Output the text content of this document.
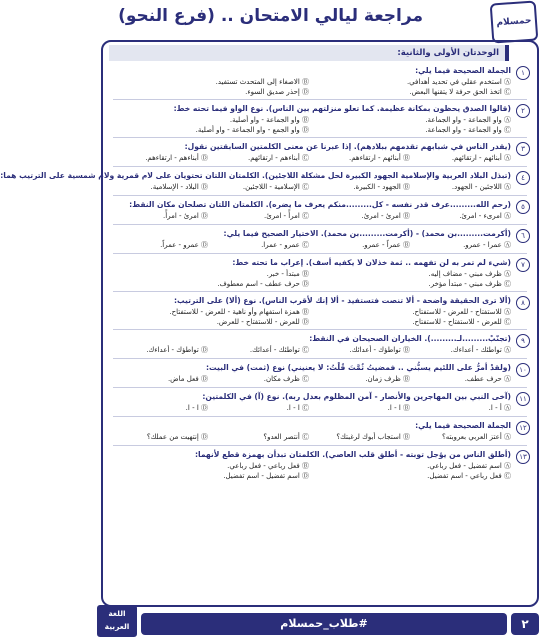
حمسلام
مراجعة ليالي الامتحان .. (فرع النحو)
الوحدتان الأولى والثانية:
١
الجملة الصحيحة فيما يلي:
Ⓐ استخدم عقلي في تحديد أهدافي.
Ⓑ الاصغاء إلى المتحدث تستفيد.
Ⓒ اتخذ الحق حرفة لا يتقنها البعض.
Ⓓ إحذر صديق السوء.
٢
(قالوا الصدق يحظون بمكانة عظيمة. كما تعلو منزلتهم بين الناس). نوع الواو فيما تحته خط:
Ⓐ واو الجماعة - واو الجماعة.
Ⓑ واو الجماعة - واو أصلية.
Ⓒ واو الجماعة - واو الجماعة.
Ⓓ واو الجمع - واو الجماعة - واو أصلية.
٣
(يقدر الناس في شبابهم تقدمهم ببلادهم). إذا عبرنا عن معنى الكلمتين السابقتين نقول:
Ⓐ أبنائهم - ارتقائهم.
Ⓑ أبنائهم - ارتقاءهم.
Ⓒ أبناءهم - ارتقائهم.
Ⓓ أبناءهم - ارتقاءهم.
٤
(تبذل البلاد العربية والإسلامية الجهود الكبيرة لحل مشكلة اللاجئين). الكلمتان اللتان تحتويان على لام قمرية ولام شمسية على الترتيب هما:
Ⓐ اللاجئين - الجهود.
Ⓑ الجهود - الكبيرة.
Ⓒ الإسلامية - اللاجئين.
Ⓓ البلاد - الإسلامية.
٥
(رحم الله.........عرف قدر نفسه - كل.........منكم يعرف ما يضره). الكلمتان اللتان تصلحان مكان النقط:
Ⓐ امرىء - امرئ.
Ⓑ امرئ - امرئ.
Ⓒ امرأً - امرئ.
Ⓓ امرئ - امرأً.
٦
(أكرمت.........بن محمد) - (أكرمت.........بن محمد). الاختيار الصحيح فيما يلي:
Ⓐ عمرا - عمرو.
Ⓑ عمراً - عمرو.
Ⓒ عمرو - عمرا.
Ⓓ عمرو - عمراً.
٧
(شيء لم تمر به لن تفهمه .. ثمة خذلان لا يكفيه أسف). إعراب ما تحته خط:
Ⓐ ظرف مبني - مضاف إليه.
Ⓑ مبتدأ - خبر.
Ⓒ ظرف مبني - مبتدأ مؤخر.
Ⓓ حرف عطف - اسم معطوف.
٨
(ألا ترى الحقيقة واضحة - ألا تنصت فتستفيد - ألا إنك لأقرب الناس). نوع (ألا) على الترتيب:
Ⓐ للاستفتاح - للعرض - للاستفتاح.
Ⓑ همزة استفهام وأو ناهية - للعرض - للاستفتاح.
Ⓒ للعرض - للاستفتاح - للاستفتاح.
Ⓓ للعرض - للاستفتاح - للعرض.
٩
(تجنّبْ.........لـ.........). الخياران الصحيحان في النقط:
Ⓐ تواطئك - أعداءك.
Ⓑ تواطؤك - أعدائك.
Ⓒ تواطئك - أعدائك.
Ⓓ تواطؤك - أعداءك.
١٠
(ولقدْ أمرُّ على اللئيم يسبُّني .. فمضيتُ ثُمَّتَ قُلْتُ: لا يعنيني) نوع (ثمت) في البيت:
Ⓐ حرف عطف.
Ⓑ ظرف زمان.
Ⓒ ظرف مكان.
Ⓓ فعل ماض.
١١
(آخى النبي بين المهاجرين والأنصار - آمن المظلوم بعدل ربه). نوع (آ) في الكلمتين:
Ⓐ أ - ا.
Ⓑ ا - ا.
Ⓒ ا - ا.
Ⓓ ا - ا.
١٢
الجملة الصحيحة فيما يلي:
Ⓐ أعتز العربي بعروبته؟
Ⓑ استجاب أبوك لرغبتك؟
Ⓒ أنتصر العدو؟
Ⓓ إنتهيت من عملك؟
١٣
(أطلق الناس من يؤجل توبته - أطلق قلب العاصي). الكلمتان تبدأن بهمزة قطع لأنهما:
Ⓐ اسم تفضيل - فعل رباعي.
Ⓑ فعل رباعي - فعل رباعي.
Ⓒ فعل رباعي - اسم تفضيل.
Ⓓ اسم تفضيل - اسم تفضيل.
اللغة
العربية	#طلاب_حمسلام	٢
